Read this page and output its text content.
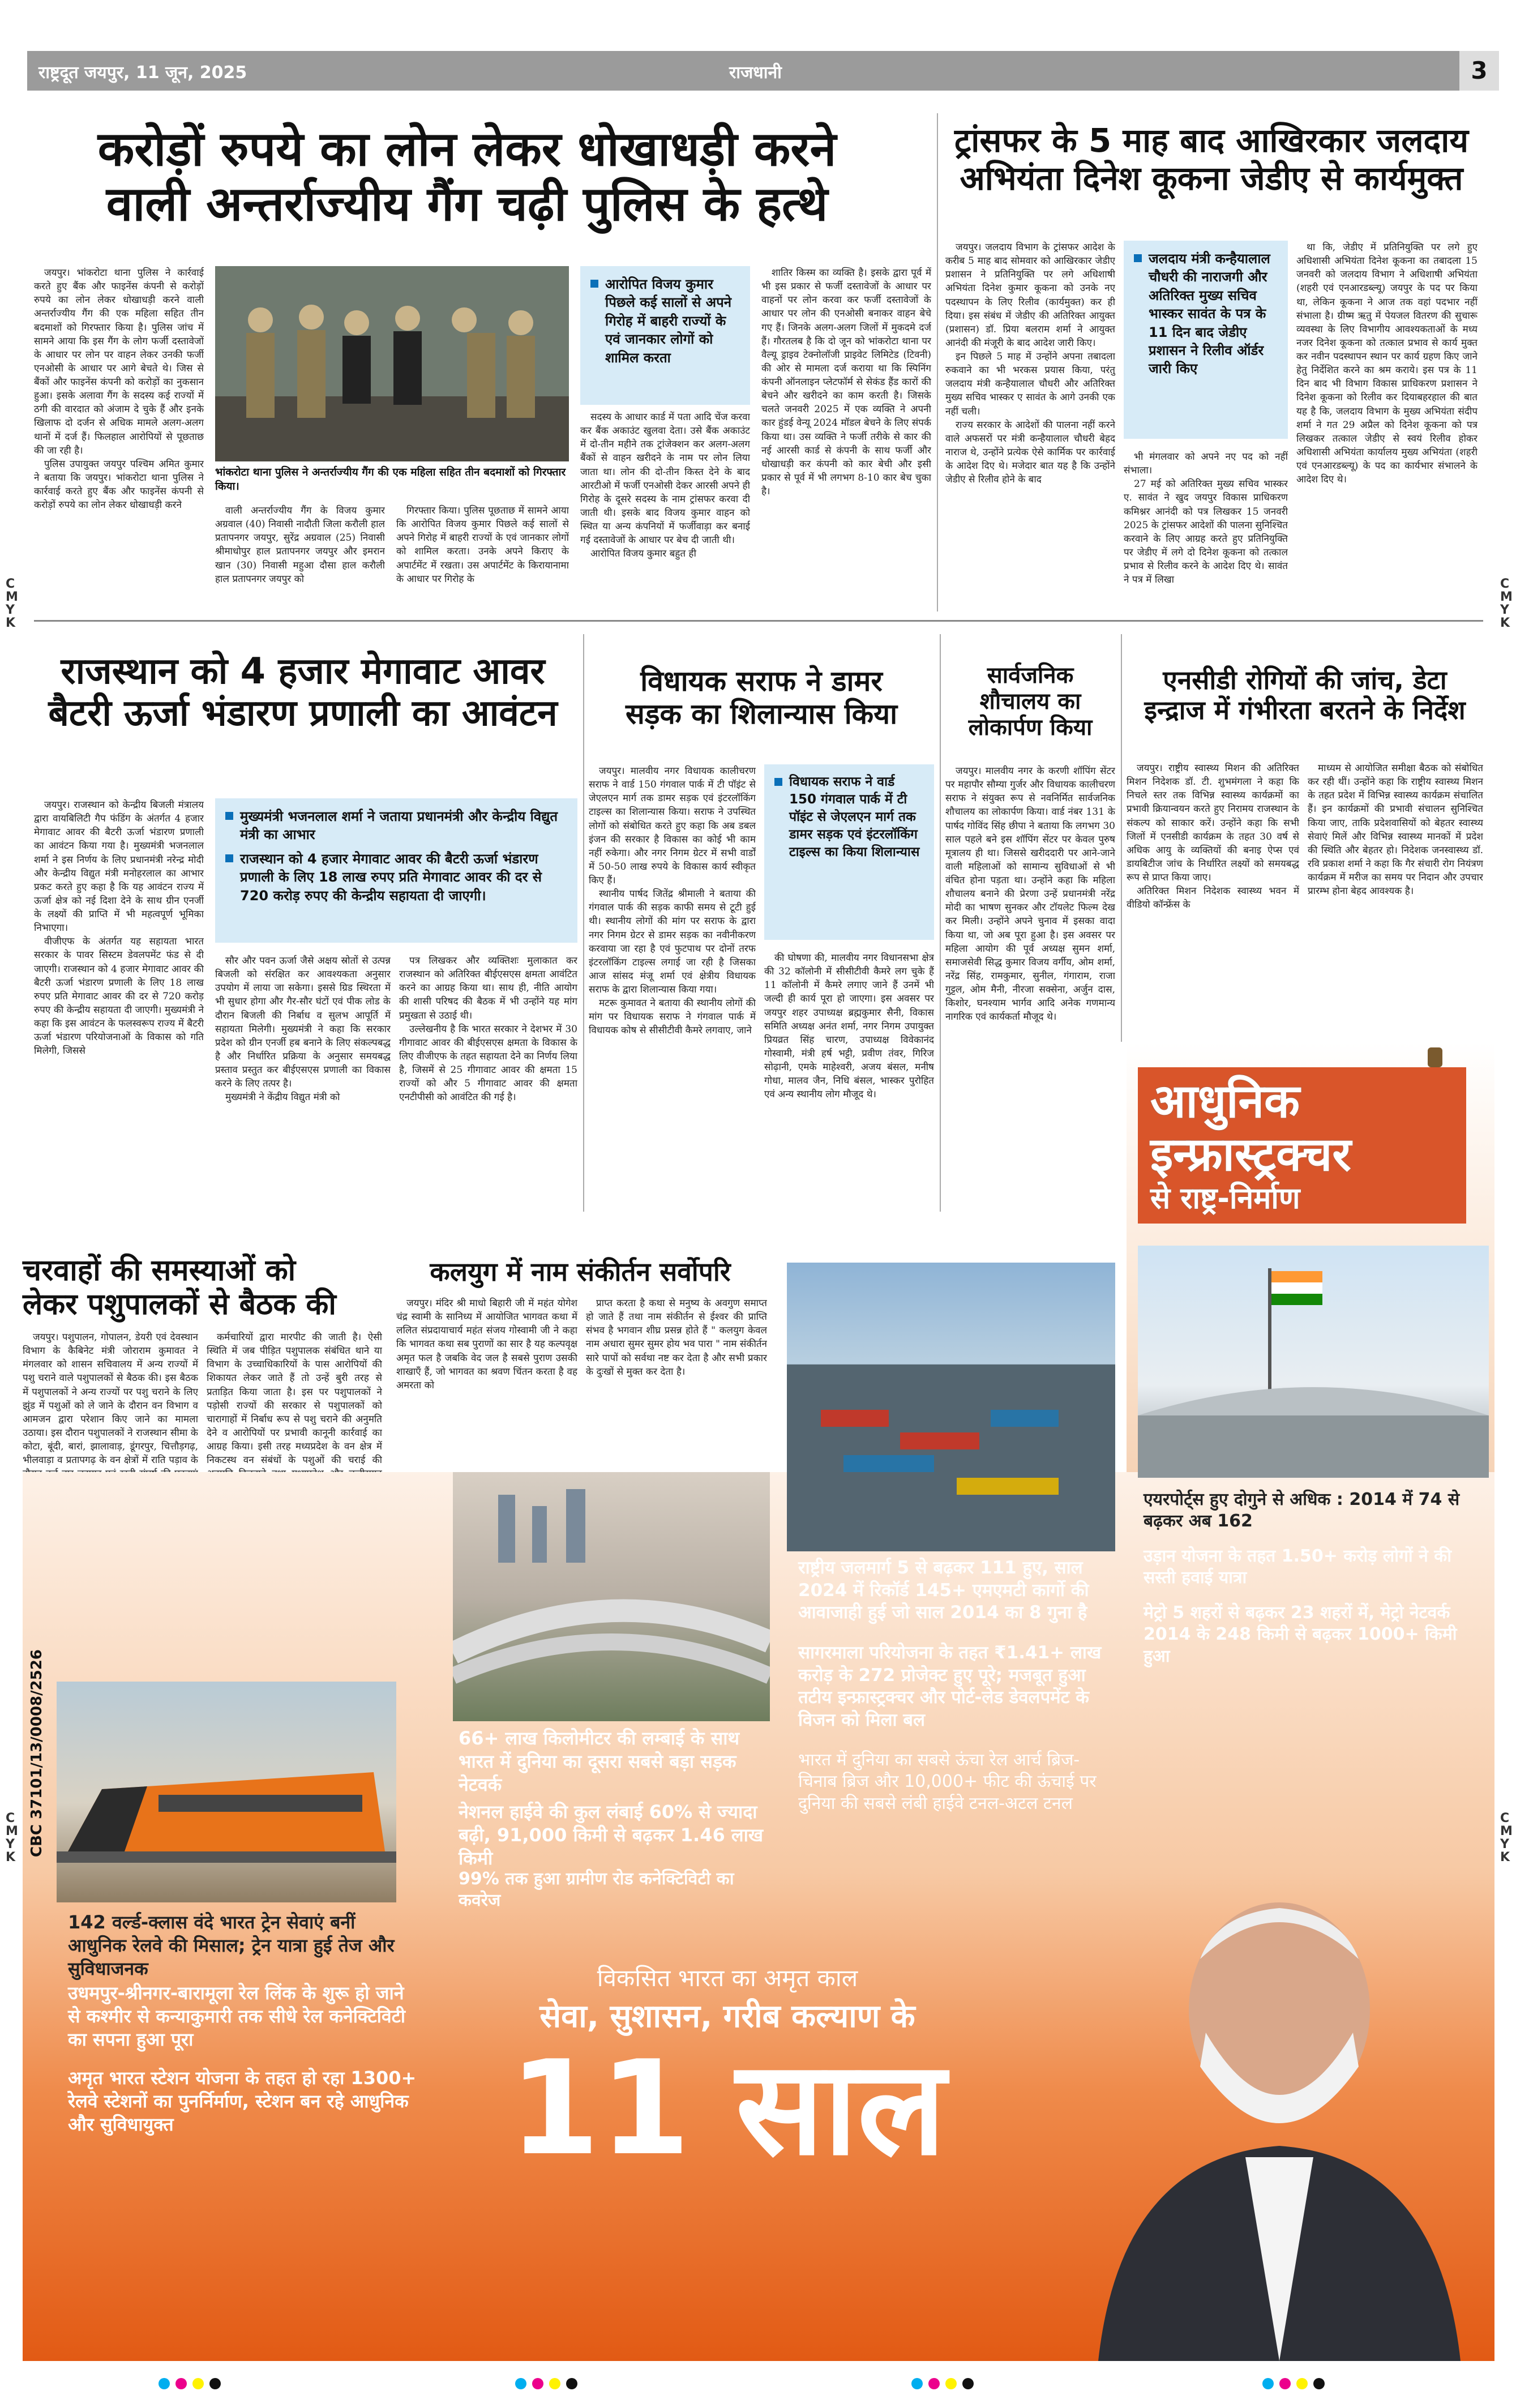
राष्ट्रदूत जयपुर, 11 जून, 2025	राजधानी	3
करोड़ों रुपये का लोन लेकर धोखाधड़ी करने
वाली अन्तर्राज्यीय गैंग चढ़ी पुलिस के हत्थे

जयपुर। भांकरोटा थाना पुलिस ने कार्रवाई करते हुए बैंक और फाइनेंस कंपनी से करोड़ों रुपये का लोन लेकर धोखाधड़ी करने वाली अन्तर्राज्यीय गैंग की एक महिला सहित तीन बदमाशों को गिरफ्तार किया है। पुलिस जांच में सामने आया कि इस गैंग के लोग फर्जी दस्तावेजों के आधार पर लोन पर वाहन लेकर उनकी फर्जी एनओसी के आधार पर आगे बेचते थे। जिस से बैंकों और फाइनेंस कंपनी को करोड़ों का नुकसान हुआ। इसके अलावा गैंग के सदस्य कई राज्यों में ठगी की वारदात को अंजाम दे चुके हैं और इनके खिलाफ दो दर्जन से अधिक मामले अलग-अलग थानों में दर्ज हैं। फिलहाल आरोपियों से पूछताछ की जा रही है।

पुलिस उपायुक्त जयपुर पश्चिम अमित कुमार ने बताया कि जयपुर। भांकरोटा थाना पुलिस ने कार्रवाई करते हुए बैंक और फाइनेंस कंपनी से करोड़ों रुपये का लोन लेकर धोखाधड़ी करने

भांकरोटा थाना पुलिस ने अन्तर्राज्यीय गैंग की एक महिला सहित तीन बदमाशों को गिरफ्तार किया।

वाली अन्तर्राज्यीय गैंग के विजय कुमार अग्रवाल (40) निवासी नादौती जिला करौली हाल प्रतापनगर जयपुर, सुरेंद्र अग्रवाल (25) निवासी श्रीमाधोपुर हाल प्रतापनगर जयपुर और इमरान खान (30) निवासी महुआ दौसा हाल करौली हाल प्रतापनगर जयपुर को

गिरफ्तार किया। पुलिस पूछताछ में सामने आया कि आरोपित विजय कुमार पिछले कई सालों से अपने गिरोह में बाहरी राज्यों के एवं जानकार लोगों को शामिल करता। उनके अपने किराए के अपार्टमेंट में रखता। उस अपार्टमेंट के किरायानामा के आधार पर गिरोह के

आरोपित विजय कुमार पिछले कई सालों से अपने गिरोह में बाहरी राज्यों के एवं जानकार लोगों को शामिल करता

सदस्य के आधार कार्ड में पता आदि चेंज करवा कर बैंक अकाउंट खुलवा देता। उसे बैंक अकाउंट में दो-तीन महीने तक ट्रांजेक्शन कर अलग-अलग बैंकों से वाहन खरीदने के नाम पर लोन लिया जाता था। लोन की दो-तीन किस्त देने के बाद आरटीओ में फर्जी एनओसी देकर आरसी अपने ही गिरोह के दूसरे सदस्य के नाम ट्रांसफर करवा दी जाती थी। इसके बाद विजय कुमार वाहन को स्थित या अन्य कंपनियों में फर्जीवाड़ा कर बनाई गई दस्तावेजों के आधार पर बेच दी जाती थी।

आरोपित विजय कुमार बहुत ही

शातिर किस्म का व्यक्ति है। इसके द्वारा पूर्व में भी इस प्रकार से फर्जी दस्तावेजों के आधार पर वाहनों पर लोन करवा कर फर्जी दस्तावेजों के आधार पर लोन की एनओसी बनाकर वाहन बेचे गए हैं। जिनके अलग-अलग जिलों में मुकदमे दर्ज हैं। गौरतलब है कि दो जून को भांकरोटा थाना पर वैल्यू ड्राइव टेक्नोलॉजी प्राइवेट लिमिटेड (टिवनी) की ओर से मामला दर्ज कराया था कि स्पिनिंग कंपनी ऑनलाइन प्लेटफॉर्म से सेकंड हैंड कारों की बेचने और खरीदने का काम करती है। जिसके चलते जनवरी 2025 में एक व्यक्ति ने अपनी कार हुंडई वेन्यू 2024 मॉडल बेचने के लिए संपर्क किया था। उस व्यक्ति ने फर्जी तरीके से कार की नई आरसी कार्ड से कंपनी के साथ फर्जी और धोखाधड़ी कर कंपनी को कार बेची और इसी प्रकार से पूर्व में भी लगभग 8-10 कार बेच चुका है।

ट्रांसफर के 5 माह बाद आखिरकार जलदाय
अभियंता दिनेश कूकना जेडीए से कार्यमुक्त

जयपुर। जलदाय विभाग के ट्रांसफर आदेश के करीब 5 माह बाद सोमवार को आखिरकार जेडीए प्रशासन ने प्रतिनियुक्ति पर लगे अधिशाषी अभियंता दिनेश कुमार कूकना को उनके नए पदस्थापन के लिए रिलीव (कार्यमुक्त) कर ही दिया। इस संबंध में जेडीए की अतिरिक्त आयुक्त (प्रशासन) डॉ. प्रिया बलराम शर्मा ने आयुक्त आनंदी की मंजूरी के बाद आदेश जारी किए।

इन पिछले 5 माह में उन्होंने अपना तबादला रुकवाने का भी भरकस प्रयास किया, परंतु जलदाय मंत्री कन्हैयालाल चौधरी और अतिरिक्त मुख्य सचिव भास्कर ए सावंत के आगे उनकी एक नहीं चली।

राज्य सरकार के आदेशों की पालना नहीं करने वाले अफसरों पर मंत्री कन्हैयालाल चौधरी बेहद नाराज थे, उन्होंने प्रत्येक ऐसे कार्मिक पर कार्रवाई के आदेश दिए थे। मजेदार बात यह है कि उन्होंने जेडीए से रिलीव होने के बाद

जलदाय मंत्री कन्हैयालाल चौधरी की नाराजगी और अतिरिक्त मुख्य सचिव भास्कर सावंत के पत्र के 11 दिन बाद जेडीए प्रशासन ने रिलीव ऑर्डर जारी किए

भी मंगलवार को अपने नए पद को नहीं संभाला।

27 मई को अतिरिक्त मुख्य सचिव भास्कर ए. सावंत ने खुद जयपुर विकास प्राधिकरण कमिश्नर आनंदी को पत्र लिखकर 15 जनवरी 2025 के ट्रांसफर आदेशों की पालना सुनिश्चित करवाने के लिए आग्रह करते हुए प्रतिनियुक्ति पर जेडीए में लगे दो दिनेश कूकना को तत्काल प्रभाव से रिलीव करने के आदेश दिए थे। सावंत ने पत्र में लिखा

था कि, जेडीए में प्रतिनियुक्ति पर लगे हुए अधिशासी अभियंता दिनेश कूकना का तबादला 15 जनवरी को जलदाय विभाग ने अधिशाषी अभियंता (शहरी एवं एनआरडब्ल्यू) जयपुर के पद पर किया था, लेकिन कूकना ने आज तक वहां पदभार नहीं संभाला है। ग्रीष्म ऋतु में पेयजल वितरण की सुचारू व्यवस्था के लिए विभागीय आवश्यकताओं के मध्य नजर दिनेश कूकना को तत्काल प्रभाव से कार्य मुक्त कर नवीन पदस्थापन स्थान पर कार्य ग्रहण किए जाने हेतु निर्देशित करने का श्रम कराये। इस पत्र के 11 दिन बाद भी विभाग विकास प्राधिकरण प्रशासन ने दिनेश कूकना को रिलीव कर दियाबहरहाल की बात यह है कि, जलदाय विभाग के मुख्य अभियंता संदीप शर्मा ने गत 29 अप्रैल को दिनेश कूकना को पत्र लिखकर तत्काल जेडीए से स्वयं रिलीव होकर अधिशासी अभियंता कार्यालय मुख्य अभियंता (शहरी एवं एनआरडब्ल्यू) के पद का कार्यभार संभालने के आदेश दिए थे।

राजस्थान को 4 हजार मेगावाट आवर
बैटरी ऊर्जा भंडारण प्रणाली का आवंटन

जयपुर। राजस्थान को केन्द्रीय बिजली मंत्रालय द्वारा वायबिलिटी गैप फंडिंग के अंतर्गत 4 हजार मेगावाट आवर की बैटरी ऊर्जा भंडारण प्रणाली का आवंटन किया गया है। मुख्यमंत्री भजनलाल शर्मा ने इस निर्णय के लिए प्रधानमंत्री नरेन्द्र मोदी और केन्द्रीय विद्युत मंत्री मनोहरलाल का आभार प्रकट करते हुए कहा है कि यह आवंटन राज्य में ऊर्जा क्षेत्र को नई दिशा देने के साथ ग्रीन एनर्जी के लक्ष्यों की प्राप्ति में भी महत्वपूर्ण भूमिका निभाएगा।

वीजीएफ के अंतर्गत यह सहायता भारत सरकार के पावर सिस्टम डेवलपमेंट फंड से दी जाएगी। राजस्थान को 4 हजार मेगावाट आवर की बैटरी ऊर्जा भंडारण प्रणाली के लिए 18 लाख रुपए प्रति मेगावाट आवर की दर से 720 करोड़ रुपए की केन्द्रीय सहायता दी जाएगी। मुख्यमंत्री ने कहा कि इस आवंटन के फलस्वरूप राज्य में बैटरी ऊर्जा भंडारण परियोजनाओं के विकास को गति मिलेगी, जिससे

मुख्यमंत्री भजनलाल शर्मा ने जताया प्रधानमंत्री और केन्द्रीय विद्युत मंत्री का आभार
राजस्थान को 4 हजार मेगावाट आवर की बैटरी ऊर्जा भंडारण प्रणाली के लिए 18 लाख रुपए प्रति मेगावाट आवर की दर से 720 करोड़ रुपए की केन्द्रीय सहायता दी जाएगी।

सौर और पवन ऊर्जा जैसे अक्षय स्रोतों से उत्पन्न बिजली को संरक्षित कर आवश्यकता अनुसार उपयोग में लाया जा सकेगा। इससे ग्रिड स्थिरता में भी सुधार होगा और गैर-सौर घंटों एवं पीक लोड के दौरान बिजली की निर्बाध व सुलभ आपूर्ति में सहायता मिलेगी। मुख्यमंत्री ने कहा कि सरकार प्रदेश को ग्रीन एनर्जी हब बनाने के लिए संकल्पबद्ध है और निर्धारित प्रक्रिया के अनुसार समयबद्ध प्रस्ताव प्रस्तुत कर बीईएसएस प्रणाली का विकास करने के लिए तत्पर है।

मुख्यमंत्री ने केंद्रीय विद्युत मंत्री को

पत्र लिखकर और व्यक्तिशः मुलाकात कर राजस्थान को अतिरिक्त बीईएसएस क्षमता आवंटित करने का आग्रह किया था। साथ ही, नीति आयोग की शासी परिषद की बैठक में भी उन्होंने यह मांग प्रमुखता से उठाई थी।

उल्लेखनीय है कि भारत सरकार ने देशभर में 30 गीगावाट आवर की बीईएसएस क्षमता के विकास के लिए वीजीएफ के तहत सहायता देने का निर्णय लिया है, जिसमें से 25 गीगावाट आवर की क्षमता 15 राज्यों को और 5 गीगावाट आवर की क्षमता एनटीपीसी को आवंटित की गई है।

विधायक सराफ ने डामर
सड़क का शिलान्यास किया

जयपुर। मालवीय नगर विधायक कालीचरण सराफ ने वार्ड 150 गंगवाल पार्क में टी पॉइंट से जेएलएन मार्ग तक डामर सड़क एवं इंटरलॉकिंग टाइल्स का शिलान्यास किया। सराफ ने उपस्थित लोगों को संबोधित करते हुए कहा कि अब डबल इंजन की सरकार है विकास का कोई भी काम नहीं रुकेगा। और नगर निगम ग्रेटर में सभी वार्डों में 50-50 लाख रुपये के विकास कार्य स्वीकृत किए हैं।

स्थानीय पार्षद जितेंद्र श्रीमाली ने बताया की गंगवाल पार्क की सड़क काफी समय से टूटी हुई थी। स्थानीय लोगों की मांग पर सराफ के द्वारा नगर निगम ग्रेटर से डामर सड़क का नवीनीकरण करवाया जा रहा है एवं फुटपाथ पर दोनों तरफ इंटरलॉकिंग टाइल्स लगाई जा रही है जिसका आज सांसद मंजू शर्मा एवं क्षेत्रीय विधायक सराफ के द्वारा शिलान्यास किया गया।

मटरू कुमावत ने बताया की स्थानीय लोगों की मांग पर विधायक सराफ ने गंगवाल पार्क में विधायक कोष से सीसीटीवी कैमरे लगवाए, जाने

विधायक सराफ ने वार्ड 150 गंगवाल पार्क में टी पॉइंट से जेएलएन मार्ग तक डामर सड़क एवं इंटरलॉकिंग टाइल्स का किया शिलान्यास

की घोषणा की, मालवीय नगर विधानसभा क्षेत्र की 32 कॉलोनी में सीसीटीवी कैमरे लग चुके हैं 11 कॉलोनी में कैमरे लगाए जाने हैं उनमें भी जल्दी ही कार्य पूरा हो जाएगा। इस अवसर पर जयपुर शहर उपाध्यक्ष ब्रह्मकुमार सैनी, विकास समिति अध्यक्ष अनंत शर्मा, नगर निगम उपायुक्त प्रियव्रत सिंह चारण, उपाध्यक्ष विवेकानंद गोस्वामी, मंत्री हर्ष भट्टी, प्रवीण तंवर, गिरिज सोढ़ानी, एमके माहेश्वरी, अजय बंसल, मनीष गोधा, मालव जैन, निधि बंसल, भास्कर पुरोहित एवं अन्य स्थानीय लोग मौजूद थे।

सार्वजनिक
शौचालय का
लोकार्पण किया

जयपुर। मालवीय नगर के करणी शॉपिंग सेंटर पर महापौर सौम्या गुर्जर और विधायक कालीचरण सराफ ने संयुक्त रूप से नवनिर्मित सार्वजनिक शौचालय का लोकार्पण किया। वार्ड नंबर 131 के पार्षद गोविंद सिंह छीपा ने बताया कि लगभग 30 साल पहले बने इस शॉपिंग सेंटर पर केवल पुरुष मूत्रालय ही था। जिससे खरीददारी पर आने-जाने वाली महिलाओं को सामान्य सुविधाओं से भी वंचित होना पड़ता था। उन्होंने कहा कि महिला शौचालय बनाने की प्रेरणा उन्हें प्रधानमंत्री नरेंद्र मोदी का भाषण सुनकर और टॉयलेट फिल्म देख कर मिली। उन्होंने अपने चुनाव में इसका वादा किया था, जो अब पूरा हुआ है। इस अवसर पर महिला आयोग की पूर्व अध्यक्ष सुमन शर्मा, समाजसेवी सिद्ध कुमार विजय वर्गीय, ओम शर्मा, नरेंद्र सिंह, रामकुमार, सुनील, गंगाराम, राजा गुट्टल, ओम मैनी, नीरजा सक्सेना, अर्जुन दास, किशोर, घनश्याम भार्गव आदि अनेक गणमान्य नागरिक एवं कार्यकर्ता मौजूद थे।

एनसीडी रोगियों की जांच, डेटा
इन्द्राज में गंभीरता बरतने के निर्देश

जयपुर। राष्ट्रीय स्वास्थ्य मिशन की अतिरिक्त मिशन निदेशक डॉ. टी. शुभमंगला ने कहा कि निचले स्तर तक विभिन्न स्वास्थ्य कार्यक्रमों का प्रभावी क्रियान्वयन करते हुए निरामय राजस्थान के संकल्प को साकार करें। उन्होंने कहा कि सभी जिलों में एनसीडी कार्यक्रम के तहत 30 वर्ष से अधिक आयु के व्यक्तियों की बनाइ ऐप्स एवं डायबिटीज जांच के निर्धारित लक्ष्यों को समयबद्ध रूप से प्राप्त किया जाए।

अतिरिक्त मिशन निदेशक स्वास्थ्य भवन में वीडियो कॉन्फ्रेंस के

माध्यम से आयोजित समीक्षा बैठक को संबोधित कर रही थीं। उन्होंने कहा कि राष्ट्रीय स्वास्थ्य मिशन के तहत प्रदेश में विभिन्न स्वास्थ्य कार्यक्रम संचालित हैं। इन कार्यक्रमों की प्रभावी संचालन सुनिश्चित किया जाए, ताकि प्रदेशवासियों को बेहतर स्वास्थ्य सेवाएं मिलें और विभिन्न स्वास्थ्य मानकों में प्रदेश की स्थिति और बेहतर हो। निदेशक जनस्वास्थ्य डॉ. रवि प्रकाश शर्मा ने कहा कि गैर संचारी रोग नियंत्रण कार्यक्रम में मरीज का समय पर निदान और उपचार प्रारम्भ होना बेहद आवश्यक है।

चरवाहों की समस्याओं को
लेकर पशुपालकों से बैठक की

जयपुर। पशुपालन, गोपालन, डेयरी एवं देवस्थान विभाग के कैबिनेट मंत्री जोराराम कुमावत ने मंगलवार को शासन सचिवालय में अन्य राज्यों में पशु चराने वाले पशुपालकों से बैठक की। इस बैठक में पशुपालकों ने अन्य राज्यों पर पशु चराने के लिए झुंड में पशुओं को ले जाने के दौरान वन विभाग व आमजन द्वारा परेशान किए जाने का मामला उठाया। इस दौरान पशुपालकों ने राजस्थान सीमा के कोटा, बूंदी, बारां, झालावाड़, डूंगरपुर, चित्तौड़गढ़, भीलवाड़ा व प्रतापगढ़ के वन क्षेत्रों में राति पड़ाव के

कर्मचारियों द्वारा मारपीट की जाती है। ऐसी स्थिति में जब पीड़ित पशुपालक संबंधित थाने या विभाग के उच्चाधिकारियों के पास आरोपियों की शिकायत लेकर जाते हैं तो उन्हें बुरी तरह से प्रताड़ित किया जाता है। इस पर पशुपालकों ने पड़ोसी राज्यों की सरकार से पशुपालकों को चारागाहों में निर्बाध रूप से पशु चराने की अनुमति देने व आरोपियों पर प्रभावी कानूनी कार्रवाई का आग्रह किया। इसी तरह मध्यप्रदेश के वन क्षेत्र में निकटस्थ वन संबंधों के पशुओं की चराई की

कलयुग में नाम संकीर्तन सर्वोपरि

जयपुर। मंदिर श्री माधो बिहारी जी में महंत योगेश चंद्र स्वामी के सानिध्य में आयोजित भागवत कथा में ललित संप्रदायाचार्य महंत संजय गोस्वामी जी ने कहा कि भागवत कथा सब पुराणों का सार है यह कल्पवृक्ष अमृत फल है जबकि वेद जल है सबसे पुराण उसकी शाखाएँ हैं, जो भागवत का श्रवण चिंतन करता है वह अमरता को

प्राप्त करता है कथा से मनुष्य के अवगुण समाप्त हो जाते हैं तथा नाम संकीर्तन से ईश्वर की प्राप्ति संभव है भगवान शीघ्र प्रसन्न होते हैं " कलयुग केवल नाम अधारा सुमर सुमर होय भव पारा " नाम संकीर्तन सारे पापों को सर्वथा नष्ट कर देता है और सभी प्रकार के दुःखों से मुक्त कर देता है।

आधुनिक
इन्फ्रास्ट्रक्चर
से राष्ट्र-निर्माण
एयरपोर्ट्स हुए दोगुने से अधिक : 2014 में 74 से बढ़कर अब 162
उड़ान योजना के तहत 1.50+ करोड़ लोगों ने की सस्ती हवाई यात्रा
मेट्रो 5 शहरों से बढ़कर 23 शहरों में, मेट्रो नेटवर्क 2014 के 248 किमी से बढ़कर 1000+ किमी हुआ
राष्ट्रीय जलमार्ग 5 से बढ़कर 111 हुए, साल 2024 में रिकॉर्ड 145+ एमएमटी कार्गो की आवाजाही हुई जो साल 2014 का 8 गुना है
सागरमाला परियोजना के तहत ₹1.41+ लाख करोड़ के 272 प्रोजेक्ट हुए पूरे; मजबूत हुआ तटीय इन्फ्रास्ट्रक्चर और पोर्ट-लेड डेवलपमेंट के विजन को मिला बल
भारत में दुनिया का सबसे ऊंचा रेल आर्च ब्रिज-चिनाब ब्रिज और 10,000+ फीट की ऊंचाई पर दुनिया की सबसे लंबी हाईवे टनल-अटल टनल
66+ लाख किलोमीटर की लम्बाई के साथ भारत में दुनिया का दूसरा सबसे बड़ा सड़क नेटवर्क
नेशनल हाईवे की कुल लंबाई 60% से ज्यादा बढ़ी, 91,000 किमी से बढ़कर 1.46 लाख किमी
99% तक हुआ ग्रामीण रोड कनेक्टिविटी का कवरेज
CBC 37101/13/0008/2526
142 वर्ल्ड-क्लास वंदे भारत ट्रेन सेवाएं बनीं आधुनिक रेलवे की मिसाल; ट्रेन यात्रा हुई तेज और सुविधाजनक
उधमपुर-श्रीनगर-बारामूला रेल लिंक के शुरू हो जाने से कश्मीर से कन्याकुमारी तक सीधे रेल कनेक्टिविटी का सपना हुआ पूरा
अमृत भारत स्टेशन योजना के तहत हो रहा 1300+ रेलवे स्टेशनों का पुनर्निर्माण, स्टेशन बन रहे आधुनिक और सुविधायुक्त
विकसित भारत का अमृत काल
सेवा, सुशासन, गरीब कल्याण के
11 साल
C
M
Y
K
C
M
Y
K
C
M
Y
K
C
M
Y
K
